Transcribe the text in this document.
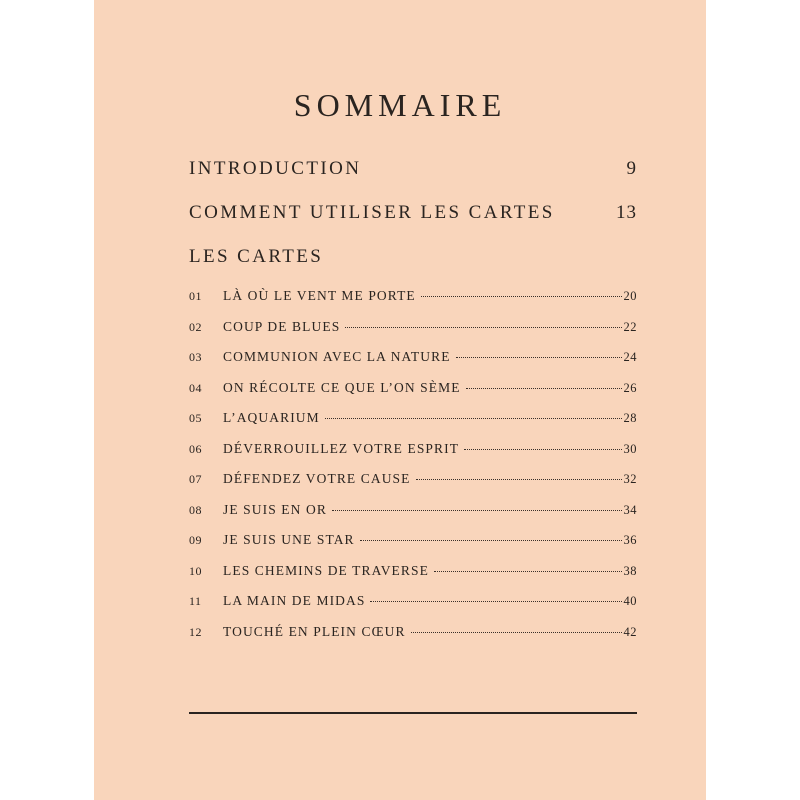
SOMMAIRE
INTRODUCTION	9
COMMENT UTILISER LES CARTES	13
LES CARTES
01	LÀ OÙ LE VENT ME PORTE	20
02	COUP DE BLUES	22
03	COMMUNION AVEC LA NATURE	24
04	ON RÉCOLTE CE QUE L’ON SÈME	26
05	L’AQUARIUM	28
06	DÉVERROUILLEZ VOTRE ESPRIT	30
07	DÉFENDEZ VOTRE CAUSE	32
08	JE SUIS EN OR	34
09	JE SUIS UNE STAR	36
10	LES CHEMINS DE TRAVERSE	38
11	LA MAIN DE MIDAS	40
12	TOUCHÉ EN PLEIN CŒUR	42
